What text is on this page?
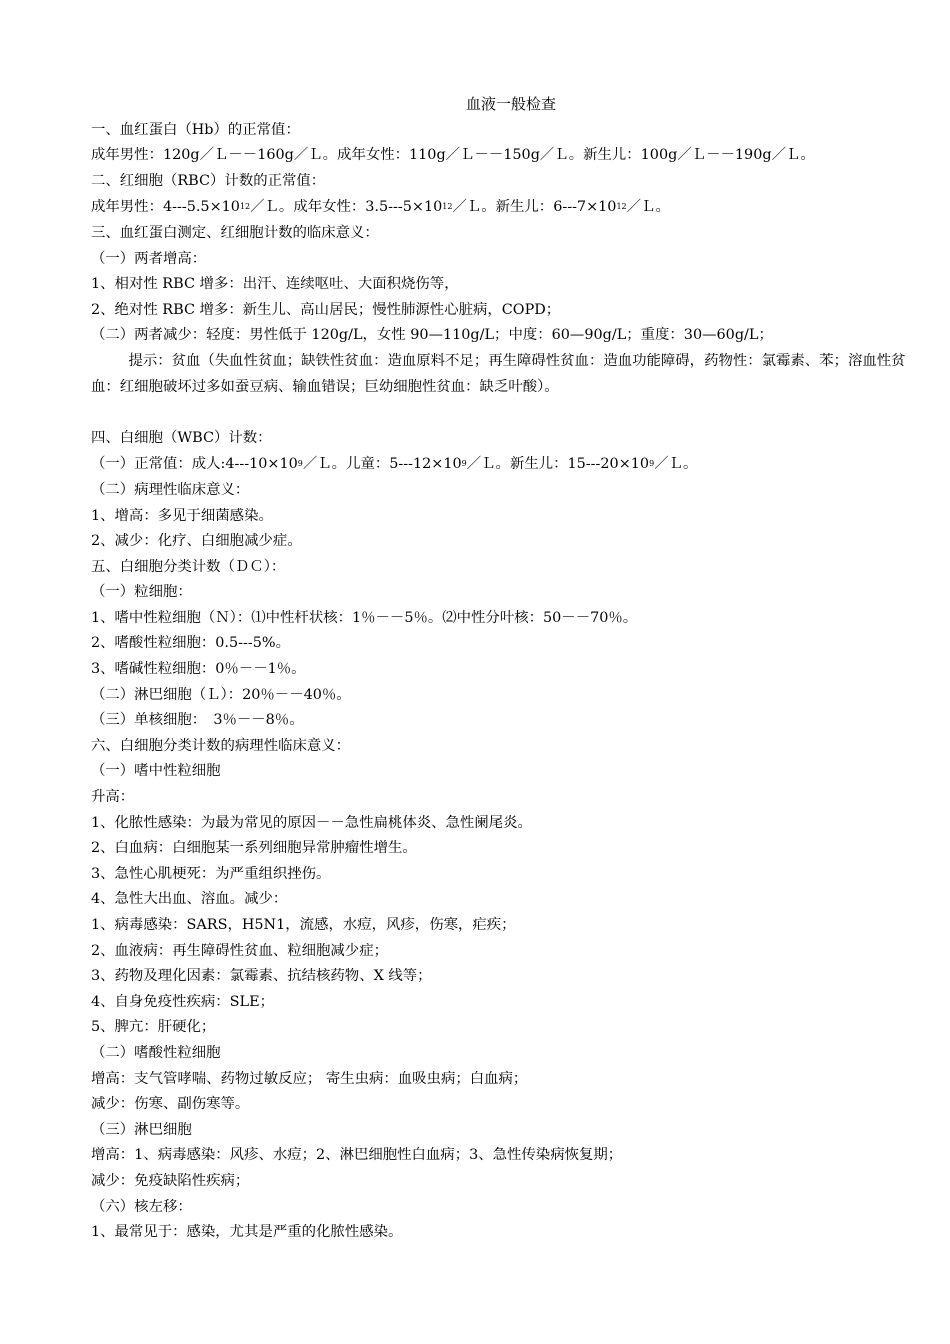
血液一般检查
一、血红蛋白（Hb）的正常值：
成年男性：120g／Ｌ－－160g／Ｌ。成年女性：110g／Ｌ－－150g／Ｌ。新生儿：100g／Ｌ－－190g／Ｌ。
二、红细胞（RBC）计数的正常值：
成年男性：$4---5.5\times 10^{12}/L$。成年女性：$3.5---5\times 10^{12}/L$。新生儿：$6---7\times 10^{12}/L$。
三、血红蛋白测定、红细胞计数的临床意义：
（一）两者增高：
1、相对性 RBC 增多：出汗、连续呕吐、大面积烧伤等，
2、绝对性 RBC 增多：新生儿、高山居民；慢性肺源性心脏病，COPD；
（二）两者减少：轻度：男性低于 120g/L，女性 90—110g/L；中度：60—90g/L；重度：30—60g/L；
提示：贫血（失血性贫血；缺铁性贫血：造血原料不足；再生障碍性贫血：造血功能障碍，药物性：氯霉素、苯；溶血性贫血：红细胞破坏过多如蚕豆病、输血错误；巨幼细胞性贫血：缺乏叶酸）。
四、白细胞（WBC）计数：
（一）正常值：成人$:4---10\times 10^9/L$。儿童：$5---12\times 10^9/L$。新生儿：$15---20\times 10^9/L$。
（二）病理性临床意义：
1、增高：多见于细菌感染。
2、减少：化疗、白细胞减少症。
五、白细胞分类计数（ＤＣ）：
（一）粒细胞：
1、嗜中性粒细胞（Ｎ）：⑴中性杆状核：1％－－5％。⑵中性分叶核：50－－70％。
2、嗜酸性粒细胞：0.5---5%。
3、嗜碱性粒细胞：0％－－1％。
（二）淋巴细胞（Ｌ）：20％－－40％。
（三）单核细胞：　3％－－8％。
六、白细胞分类计数的病理性临床意义：
（一）嗜中性粒细胞
升高：
1、化脓性感染：为最为常见的原因－－急性扁桃体炎、急性阑尾炎。
2、白血病：白细胞某一系列细胞异常肿瘤性增生。
3、急性心肌梗死：为严重组织挫伤。
4、急性大出血、溶血。减少：
1、病毒感染：SARS，H5N1，流感，水痘，风疹，伤寒，疟疾；
2、血液病：再生障碍性贫血、粒细胞减少症；
3、药物及理化因素：氯霉素、抗结核药物、X 线等；
4、自身免疫性疾病：SLE；
5、脾亢：肝硬化；
（二）嗜酸性粒细胞
增高：支气管哮喘、药物过敏反应； 寄生虫病：血吸虫病；白血病；
减少：伤寒、副伤寒等。
（三）淋巴细胞
增高：1、病毒感染：风疹、水痘；2、淋巴细胞性白血病；3、急性传染病恢复期；
减少：免疫缺陷性疾病；
（六）核左移：
1、最常见于：感染，尤其是严重的化脓性感染。
